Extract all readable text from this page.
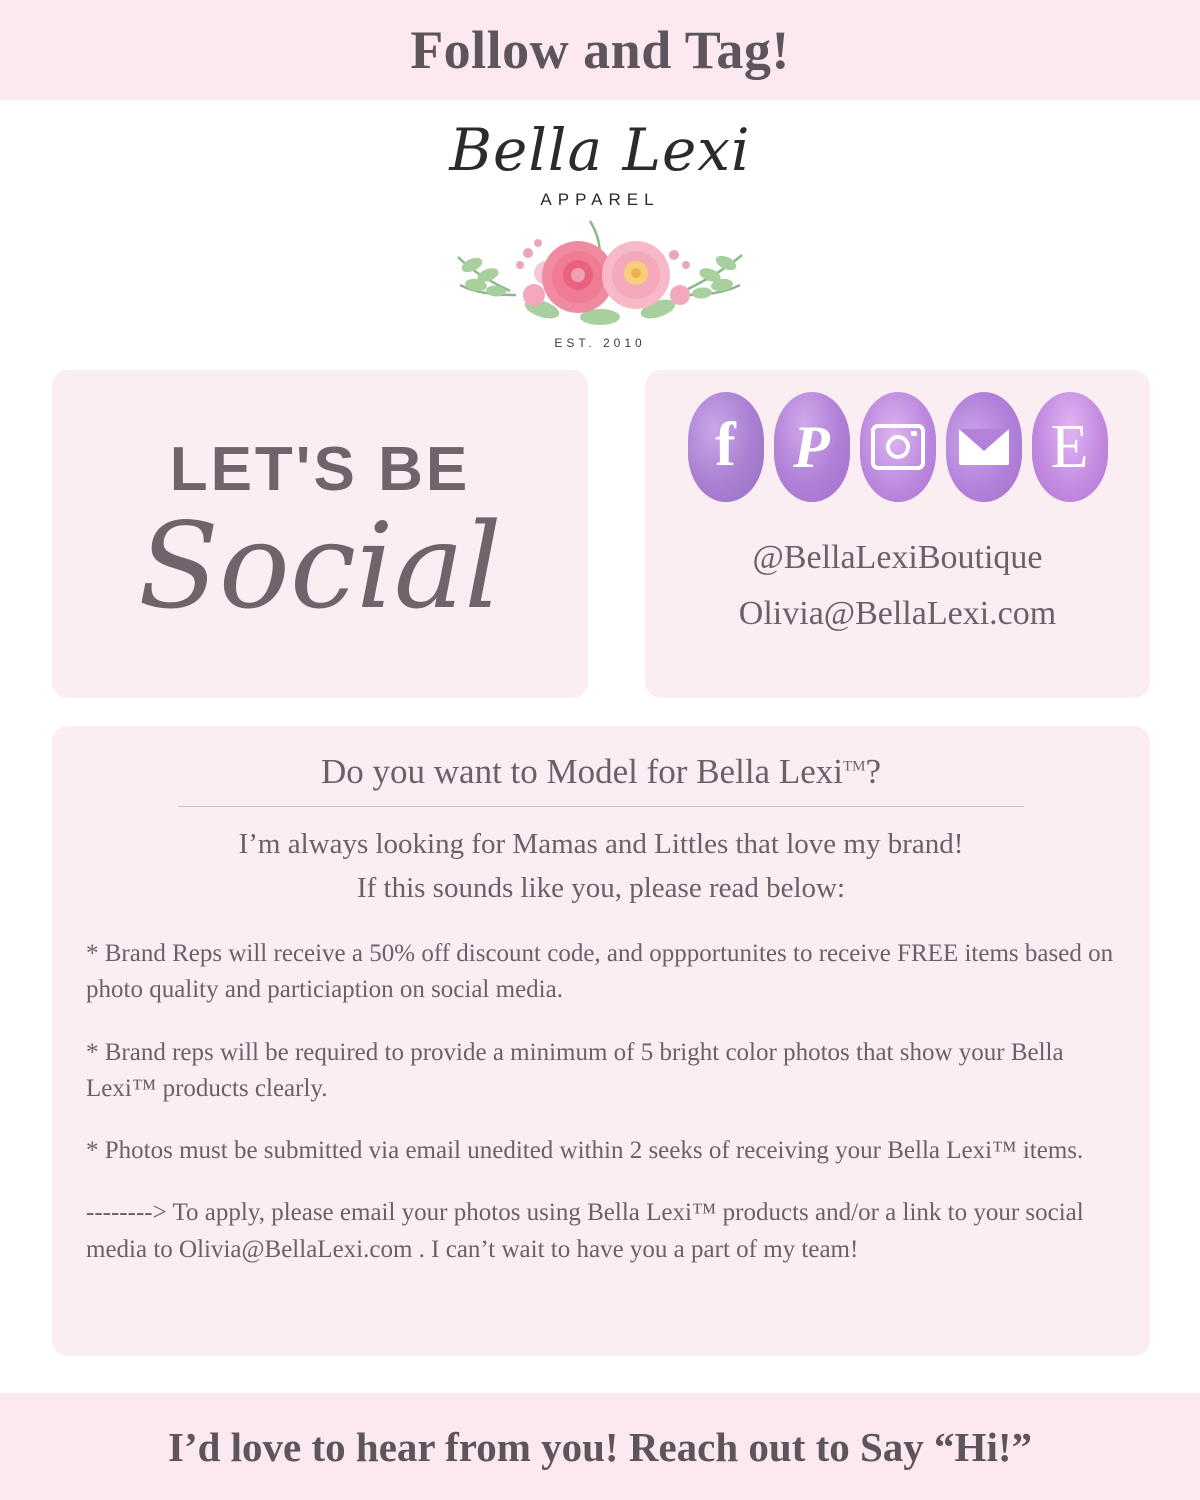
Follow and Tag!
Bella Lexi
APPAREL
EST. 2010
LET'S BE
Social
f P	E
@BellaLexiBoutique
Olivia@BellaLexi.com
Do you want to Model for Bella Lexi™?
I’m always looking for Mamas and Littles that love my brand!
If this sounds like you, please read below:
* Brand Reps will receive a 50% off discount code, and oppportunites to receive FREE items based on photo quality and particiaption on social media.
* Brand reps will be required to provide a minimum of 5 bright color photos that show your Bella Lexi™ products clearly.
* Photos must be submitted via email unedited within 2 seeks of receiving your Bella Lexi™ items.
--------> To apply, please email your photos using Bella Lexi™ products and/or a link to your social media to Olivia@BellaLexi.com . I can’t wait to have you a part of my team!
I’d love to hear from you! Reach out to Say “Hi!”
